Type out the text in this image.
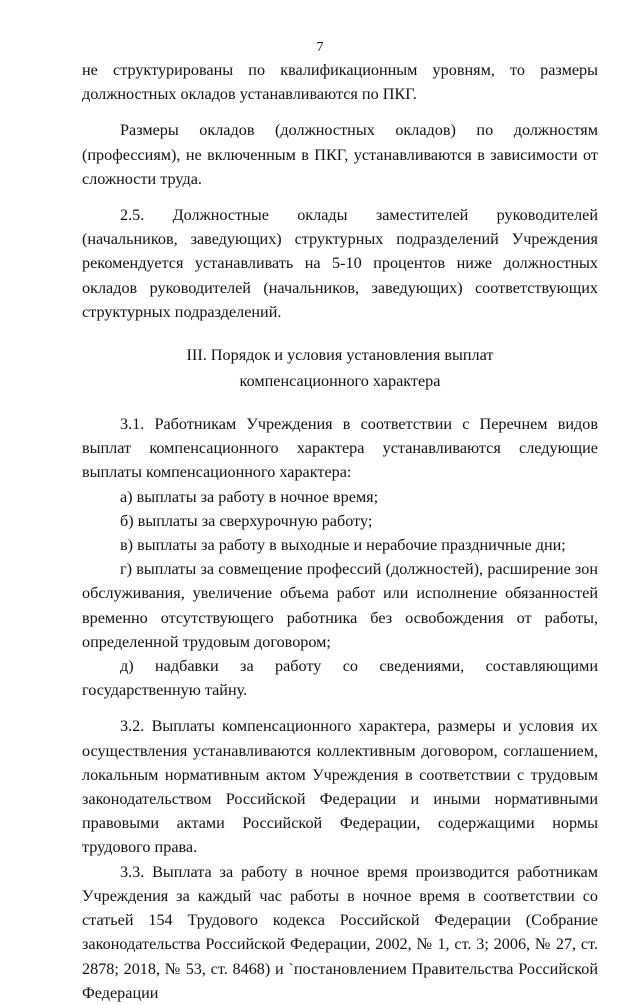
7

не структурированы по квалификационным уровням, то размеры должностных окладов устанавливаются по ПКГ.

Размеры окладов (должностных окладов) по должностям (профессиям), не включенным в ПКГ, устанавливаются в зависимости от сложности труда.

2.5. Должностные оклады заместителей руководителей (начальников, заведующих) структурных подразделений Учреждения рекомендуется устанавливать на 5-10 процентов ниже должностных окладов руководителей (начальников, заведующих) соответствующих структурных подразделений.

III. Порядок и условия установления выплат
компенсационного характера

3.1. Работникам Учреждения в соответствии с Перечнем видов выплат компенсационного характера устанавливаются следующие выплаты компенсационного характера:

а) выплаты за работу в ночное время;

б) выплаты за сверхурочную работу;

в) выплаты за работу в выходные и нерабочие праздничные дни;

г) выплаты за совмещение профессий (должностей), расширение зон обслуживания, увеличение объема работ или исполнение обязанностей временно отсутствующего работника без освобождения от работы, определенной трудовым договором;

д) надбавки за работу со сведениями, составляющими государственную тайну.

3.2. Выплаты компенсационного характера, размеры и условия их осуществления устанавливаются коллективным договором, соглашением, локальным нормативным актом Учреждения в соответствии с трудовым законодательством Российской Федерации и иными нормативными правовыми актами Российской Федерации, содержащими нормы трудового права.

3.3. Выплата за работу в ночное время производится работникам Учреждения за каждый час работы в ночное время в соответствии со статьей 154 Трудового кодекса Российской Федерации (Собрание законодательства Российской Федерации, 2002, № 1, ст. 3; 2006, № 27, ст. 2878; 2018, № 53, ст. 8468) и `постановлением Правительства Российской Федерации
